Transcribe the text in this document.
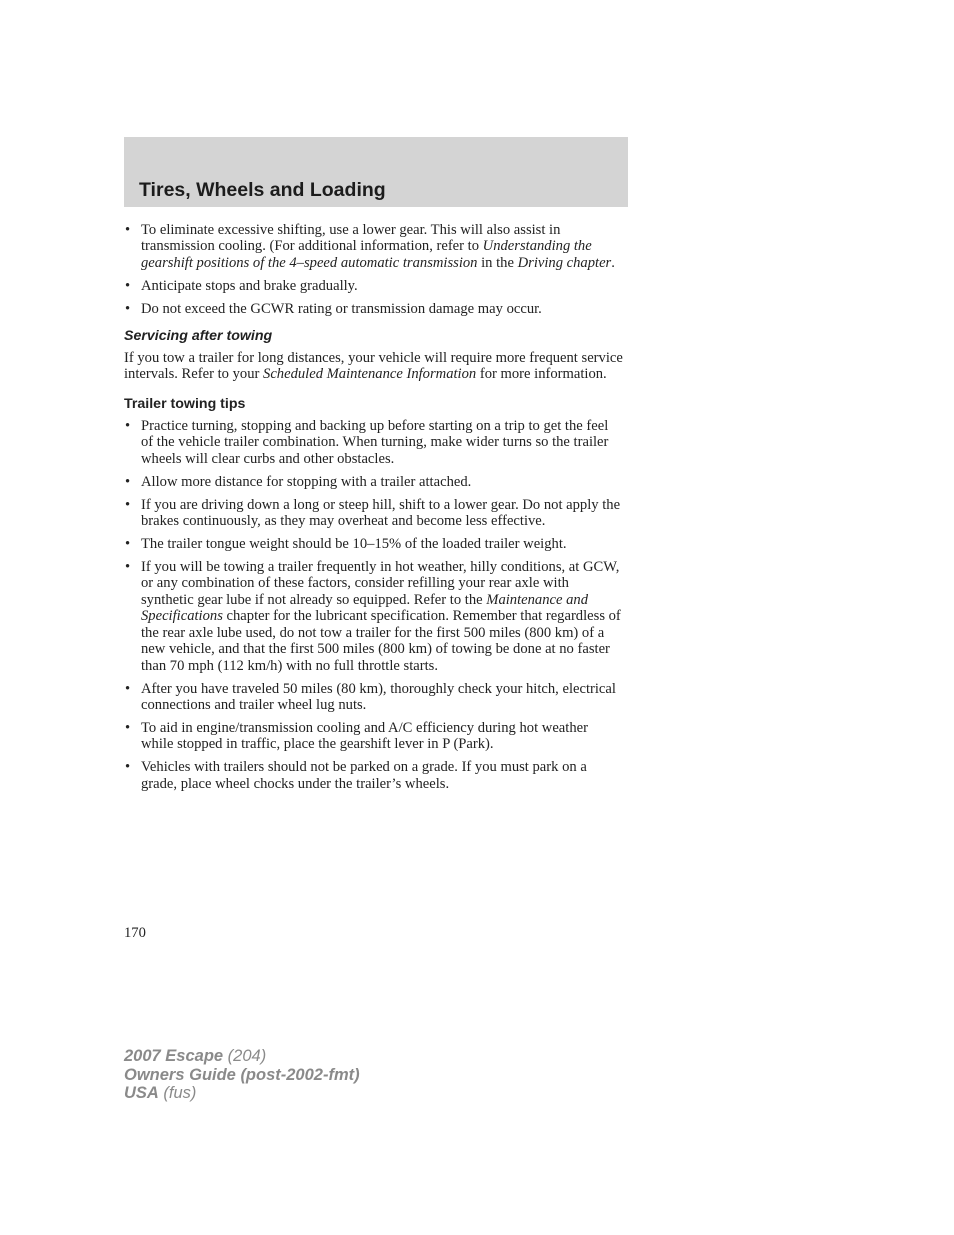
Tires, Wheels and Loading
• To eliminate excessive shifting, use a lower gear. This will also assist in transmission cooling. (For additional information, refer to Understanding the gearshift positions of the 4–speed automatic transmission in the Driving chapter.
• Anticipate stops and brake gradually.
• Do not exceed the GCWR rating or transmission damage may occur.
Servicing after towing

If you tow a trailer for long distances, your vehicle will require more frequent service intervals. Refer to your Scheduled Maintenance Information for more information.

Trailer towing tips
• Practice turning, stopping and backing up before starting on a trip to get the feel of the vehicle trailer combination. When turning, make wider turns so the trailer wheels will clear curbs and other obstacles.
• Allow more distance for stopping with a trailer attached.
• If you are driving down a long or steep hill, shift to a lower gear. Do not apply the brakes continuously, as they may overheat and become less effective.
• The trailer tongue weight should be 10–15% of the loaded trailer weight.
• If you will be towing a trailer frequently in hot weather, hilly conditions, at GCW, or any combination of these factors, consider refilling your rear axle with synthetic gear lube if not already so equipped. Refer to the Maintenance and Specifications chapter for the lubricant specification. Remember that regardless of the rear axle lube used, do not tow a trailer for the first 500 miles (800 km) of a new vehicle, and that the first 500 miles (800 km) of towing be done at no faster than 70 mph (112 km/h) with no full throttle starts.
• After you have traveled 50 miles (80 km), thoroughly check your hitch, electrical connections and trailer wheel lug nuts.
• To aid in engine/transmission cooling and A/C efficiency during hot weather while stopped in traffic, place the gearshift lever in P (Park).
• Vehicles with trailers should not be parked on a grade. If you must park on a grade, place wheel chocks under the trailer’s wheels.
170
2007 Escape (204)
Owners Guide (post-2002-fmt)
USA (fus)
